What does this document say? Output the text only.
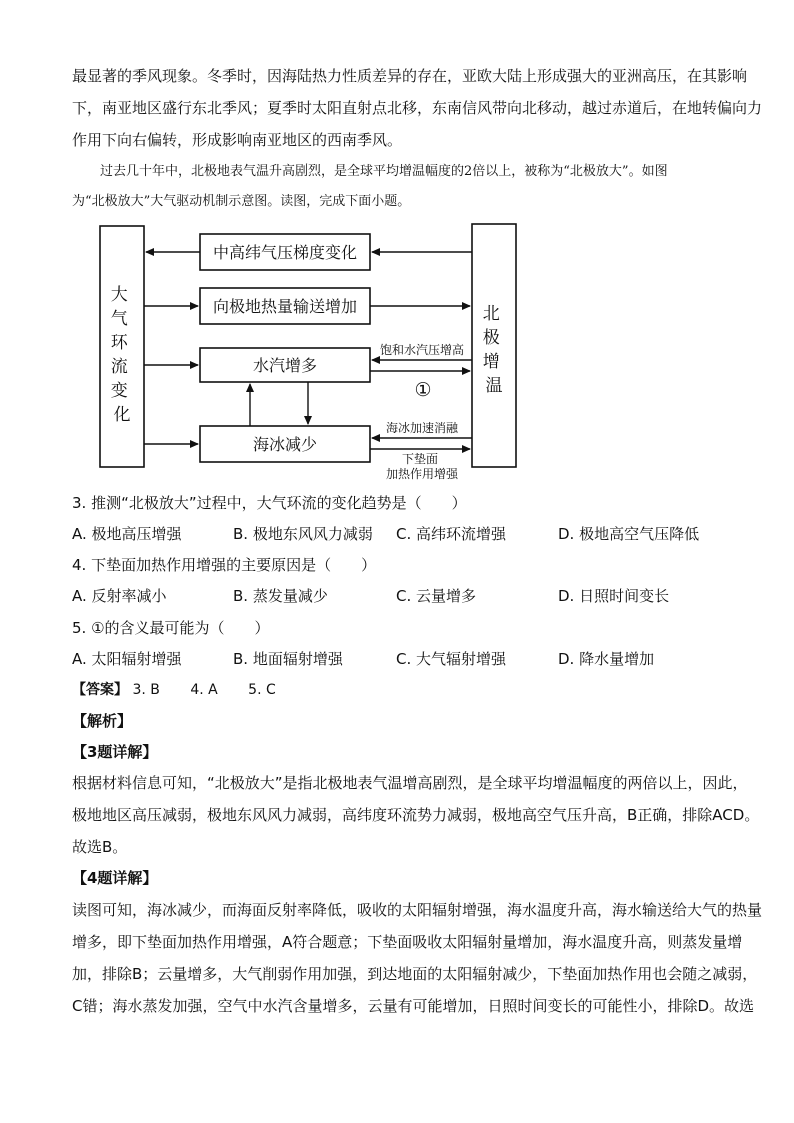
最显著的季风现象。冬季时，因海陆热力性质差异的存在，亚欧大陆上形成强大的亚洲高压，在其影响
下，南亚地区盛行东北季风；夏季时太阳直射点北移，东南信风带向北移动，越过赤道后，在地转偏向力
作用下向右偏转，形成影响南亚地区的西南季风。
过去几十年中，北极地表气温升高剧烈，是全球平均增温幅度的2倍以上，被称为“北极放大”。如图
为“北极放大”大气驱动机制示意图。读图，完成下面小题。
大 气 环 流 变 化
北 极 增 温
中高纬气压梯度变化
向极地热量输送增加
水汽增多
海冰减少
饱和水汽压增高
①
海冰加速消融
下垫面
加热作用增强
3. 推测“北极放大”过程中，大气环流的变化趋势是（　　）
A. 极地高压增强	B. 极地东风风力减弱 C. 高纬环流增强	D. 极地高空气压降低
4. 下垫面加热作用增强的主要原因是（　　）
A. 反射率减小	B. 蒸发量减少	C. 云量增多	D. 日照时间变长
5. ①的含义最可能为（　　）
A. 太阳辐射增强	B. 地面辐射增强	C. 大气辐射增强	D. 降水量增加
【答案】 3. B 4. A 5. C
【解析】
【3题详解】
根据材料信息可知，“北极放大”是指北极地表气温增高剧烈，是全球平均增温幅度的两倍以上，因此，
极地地区高压减弱，极地东风风力减弱，高纬度环流势力减弱，极地高空气压升高，B正确，排除ACD。
故选B。
【4题详解】
读图可知，海冰减少，而海面反射率降低，吸收的太阳辐射增强，海水温度升高，海水输送给大气的热量
增多，即下垫面加热作用增强，A符合题意；下垫面吸收太阳辐射量增加，海水温度升高，则蒸发量增
加，排除B；云量增多，大气削弱作用加强，到达地面的太阳辐射减少，下垫面加热作用也会随之减弱，
C错；海水蒸发加强，空气中水汽含量增多，云量有可能增加，日照时间变长的可能性小，排除D。故选
